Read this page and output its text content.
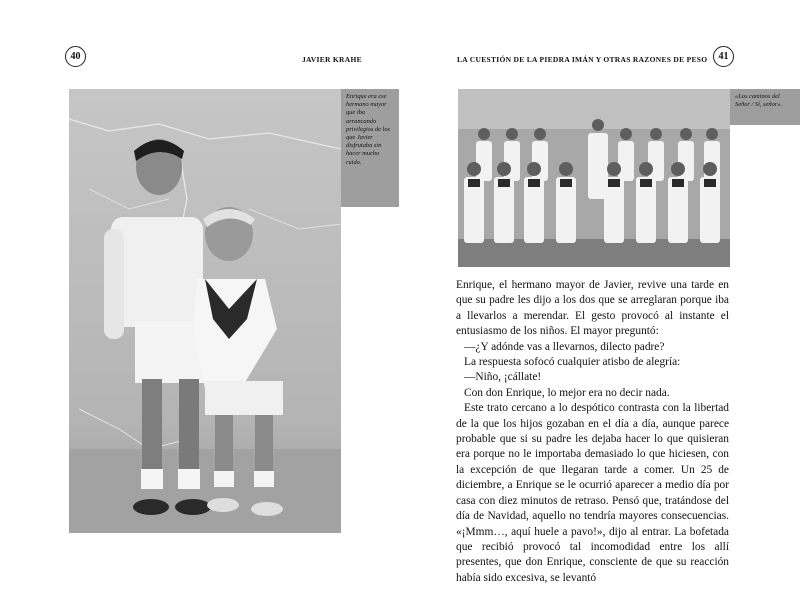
40	JAVIER KRAHE
Enrique era ese hermano mayor que iba arrancando privilegios de los que Javier disfrutaba sin hacer mucho ruido.
LA CUESTIÓN DE LA PIEDRA IMÁN Y OTRAS RAZONES DE PESO	41
«Los caminos del Señor / Sí, señor».

Enrique, el hermano mayor de Javier, revive una tarde en que su padre les dijo a los dos que se arreglaran porque iba a llevarlos a merendar. El gesto provocó al instante el entusiasmo de los niños. El mayor preguntó:

—¿Y adónde vas a llevarnos, dilecto padre?

La respuesta sofocó cualquier atisbo de alegría:

—Niño, ¡cállate!

Con don Enrique, lo mejor era no decir nada.

Este trato cercano a lo despótico contrasta con la libertad de la que los hijos gozaban en el día a día, aunque parece probable que si su padre les dejaba hacer lo que quisieran era porque no le importaba demasiado lo que hiciesen, con la excepción de que llegaran tarde a comer. Un 25 de diciembre, a Enrique se le ocurrió aparecer a medio día por casa con diez minutos de retraso. Pensó que, tratándose del día de Navidad, aquello no tendría mayores consecuencias. «¡Mmm…, aquí huele a pavo!», dijo al entrar. La bofetada que recibió provocó tal incomodidad entre los allí presentes, que don Enrique, consciente de que su reacción había sido excesiva, se levantó
